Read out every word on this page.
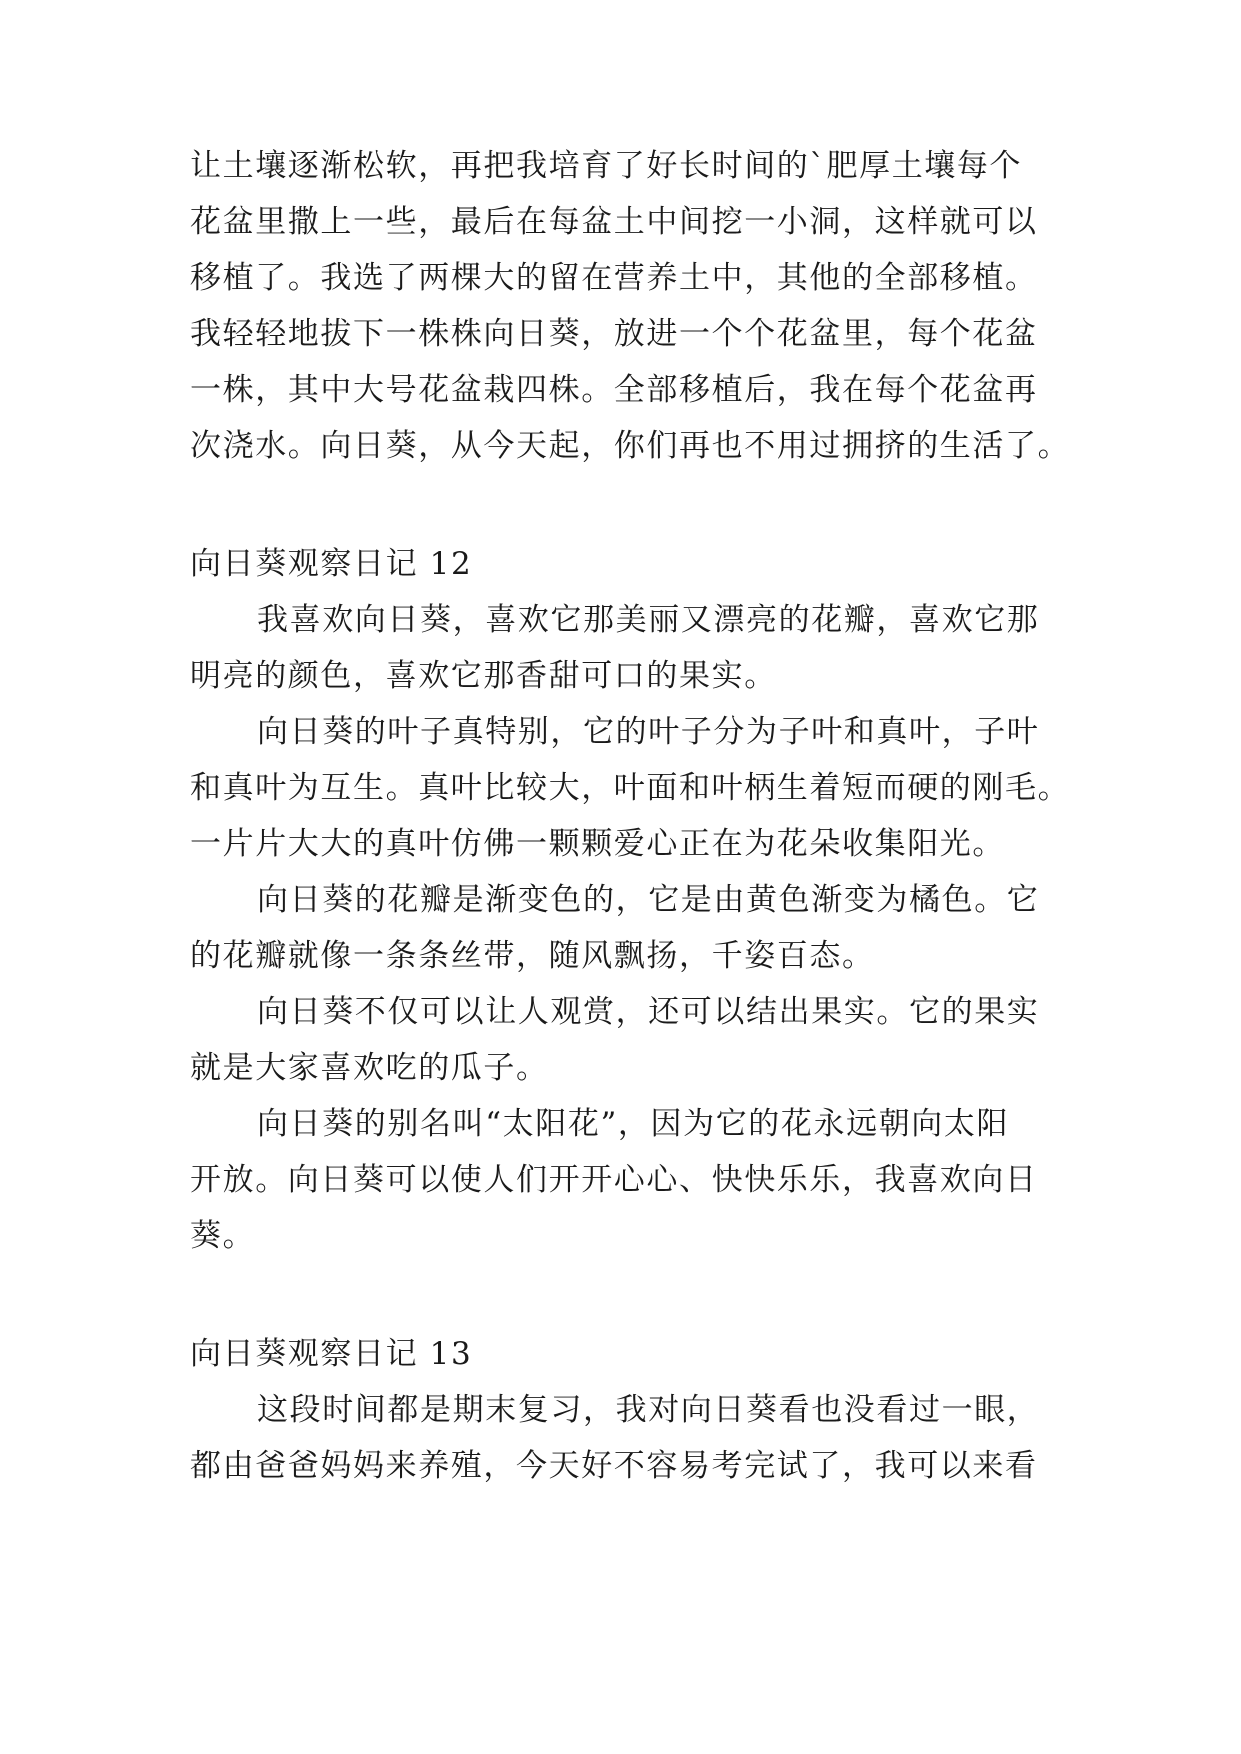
让土壤逐渐松软，再把我培育了好长时间的`肥厚土壤每个
花盆里撒上一些，最后在每盆土中间挖一小洞，这样就可以
移植了。我选了两棵大的留在营养土中，其他的全部移植。
我轻轻地拔下一株株向日葵，放进一个个花盆里，每个花盆
一株，其中大号花盆栽四株。全部移植后，我在每个花盆再
次浇水。向日葵，从今天起，你们再也不用过拥挤的生活了。
向日葵观察日记 12
我喜欢向日葵，喜欢它那美丽又漂亮的花瓣，喜欢它那
明亮的颜色，喜欢它那香甜可口的果实。
向日葵的叶子真特别，它的叶子分为子叶和真叶，子叶
和真叶为互生。真叶比较大，叶面和叶柄生着短而硬的刚毛。
一片片大大的真叶仿佛一颗颗爱心正在为花朵收集阳光。
向日葵的花瓣是渐变色的，它是由黄色渐变为橘色。它
的花瓣就像一条条丝带，随风飘扬，千姿百态。
向日葵不仅可以让人观赏，还可以结出果实。它的果实
就是大家喜欢吃的瓜子。
向日葵的别名叫“太阳花”，因为它的花永远朝向太阳
开放。向日葵可以使人们开开心心、快快乐乐，我喜欢向日
葵。
向日葵观察日记 13
这段时间都是期末复习，我对向日葵看也没看过一眼，
都由爸爸妈妈来养殖，今天好不容易考完试了，我可以来看
